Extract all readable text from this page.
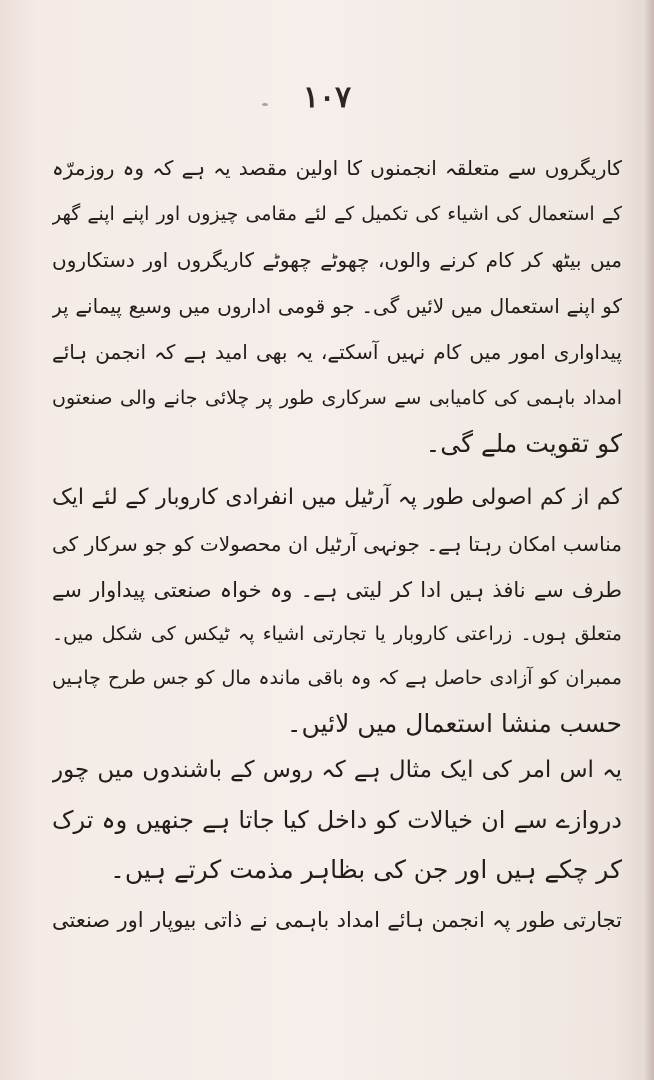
۱۰۷
کاریگروں سے متعلقہ انجمنوں کا اولین مقصد یہ ہے کہ وہ روزمرّہ
کے استعمال کی اشیاء کی تکمیل کے لئے مقامی چیزوں اور اپنے اپنے گھر
میں بیٹھ کر کام کرنے والوں، چھوٹے چھوٹے کاریگروں اور دستکاروں
کو اپنے استعمال میں لائیں گی۔ جو قومی اداروں میں وسیع پیمانے پر
پیداواری امور میں کام نہیں آسکتے، یہ بھی امید ہے کہ انجمن ہائے
امداد باہمی کی کامیابی سے سرکاری طور پر چلائی جانے والی صنعتوں
کو تقویت ملے گی۔
کم از کم اصولی طور پہ آرٹیل میں انفرادی کاروبار کے لئے ایک
مناسب امکان رہتا ہے۔ جونہی آرٹیل ان محصولات کو جو سرکار کی
طرف سے نافذ ہیں ادا کر لیتی ہے۔ وہ خواہ صنعتی پیداوار سے
متعلق ہوں۔ زراعتی کاروبار یا تجارتی اشیاء پہ ٹیکس کی شکل میں۔
ممبران کو آزادی حاصل ہے کہ وہ باقی ماندہ مال کو جس طرح چاہیں
حسب منشا استعمال میں لائیں۔
یہ اس امر کی ایک مثال ہے کہ روس کے باشندوں میں چور
دروازے سے ان خیالات کو داخل کیا جاتا ہے جنھیں وہ ترک
کر چکے ہیں اور جن کی بظاہر مذمت کرتے ہیں۔
تجارتی طور پہ انجمن ہائے امداد باہمی نے ذاتی بیوپار اور صنعتی
